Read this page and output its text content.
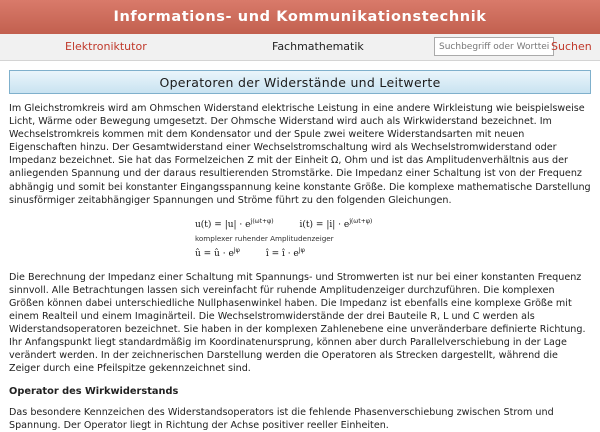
Informations- und Kommunikationstechnik
Elektroniktutor	Fachmathematik
Suchbegriff oder Wortteil	Suchen
Operatoren der Widerstände und Leitwerte

Im Gleichstromkreis wird am Ohmschen Widerstand elektrische Leistung in eine andere Wirkleistung wie beispielsweise Licht, Wärme oder Bewegung umgesetzt. Der Ohmsche Widerstand wird auch als Wirkwiderstand bezeichnet. Im Wechselstromkreis kommen mit dem Kondensator und der Spule zwei weitere Widerstandsarten mit neuen Eigenschaften hinzu. Der Gesamtwiderstand einer Wechselstromschaltung wird als Wechselstromwiderstand oder Impedanz bezeichnet. Sie hat das Formelzeichen Z mit der Einheit Ω, Ohm und ist das Amplitudenverhältnis aus der anliegenden Spannung und der daraus resultierenden Stromstärke. Die Impedanz einer Schaltung ist von der Frequenz abhängig und somit bei konstanter Eingangsspannung keine konstante Größe. Die komplexe mathematische Darstellung sinusförmiger zeitabhängiger Spannungen und Ströme führt zu den folgenden Gleichungen.

$u(t) = |u| \cdot e^{j(\omega t+\varphi)}$	$i(t) = |i| \cdot e^{j(\omega t+\varphi)}$
komplexer ruhender Amplitudenzeiger
û = û · $e^{j\varphi}$	î = î · $e^{j\varphi}$

Die Berechnung der Impedanz einer Schaltung mit Spannungs- und Stromwerten ist nur bei einer konstanten Frequenz sinnvoll. Alle Betrachtungen lassen sich vereinfacht für ruhende Amplitudenzeiger durchzuführen. Die komplexen Größen können dabei unterschiedliche Nullphasenwinkel haben. Die Impedanz ist ebenfalls eine komplexe Größe mit einem Realteil und einem Imaginärteil. Die Wechselstromwiderstände der drei Bauteile R, L und C werden als Widerstandsoperatoren bezeichnet. Sie haben in der komplexen Zahlenebene eine unveränderbare definierte Richtung. Ihr Anfangspunkt liegt standardmäßig im Koordinatenursprung, können aber durch Parallelverschiebung in der Lage verändert werden. In der zeichnerischen Darstellung werden die Operatoren als Strecken dargestellt, während die Zeiger durch eine Pfeilspitze gekennzeichnet sind.

Operator des Wirkwiderstands

Das besondere Kennzeichen des Widerstandsoperators ist die fehlende Phasenverschiebung zwischen Strom und Spannung. Der Operator liegt in Richtung der Achse positiver reeller Einheiten.
